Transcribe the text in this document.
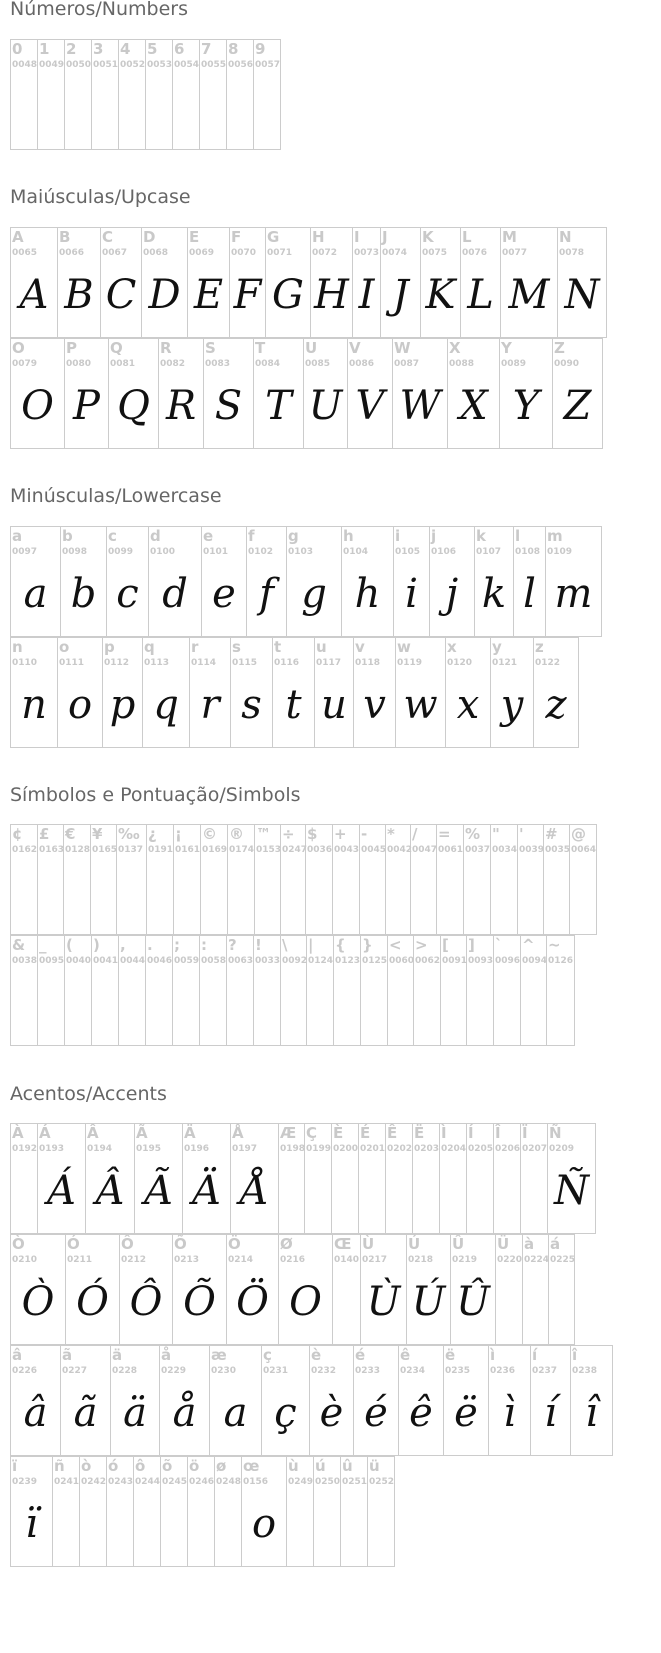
Números/Numbers
0
0048
1
0049
2
0050
3
0051
4
0052
5
0053
6
0054
7
0055
8
0056
9
0057
Maiúsculas/Upcase
A
0065
A
B
0066
B
C
0067
C
D
0068
D
E
0069
E
F
0070
F
G
0071
G
H
0072
H
I
0073
I
J
0074
J
K
0075
K
L
0076
L
M
0077
M
N
0078
N
O
0079
O
P
0080
P
Q
0081
Q
R
0082
R
S
0083
S
T
0084
T
U
0085
U
V
0086
V
W
0087
W
X
0088
X
Y
0089
Y
Z
0090
Z
Minúsculas/Lowercase
a
0097
a
b
0098
b
c
0099
c
d
0100
d
e
0101
e
f
0102
f
g
0103
g
h
0104
h
i
0105
i
j
0106
j
k
0107
k
l
0108
l
m
0109
m
n
0110
n
o
0111
o
p
0112
p
q
0113
q
r
0114
r
s
0115
s
t
0116
t
u
0117
u
v
0118
v
w
0119
w
x
0120
x
y
0121
y
z
0122
z
Símbolos e Pontuação/Simbols
¢
0162
£
0163
€
0128
¥
0165
‰
0137
¿
0191
¡
0161
©
0169
®
0174
™
0153
÷
0247
$
0036
+
0043
-
0045
*
0042
/
0047
=
0061
%
0037
"
0034
'
0039
#
0035
@
0064
&
0038
_
0095
(
0040
)
0041
,
0044
.
0046
;
0059
:
0058
?
0063
!
0033
\
0092
|
0124
{
0123
}
0125
<
0060
>
0062
[
0091
]
0093
`
0096
^
0094
~
0126
Acentos/Accents
À
0192
Á
0193
Á
Â
0194
Â
Ã
0195
Ã
Ä
0196
Ä
Å
0197
Å
Æ
0198
Ç
0199
È
0200
É
0201
Ê
0202
Ë
0203
Ì
0204
Í
0205
Î
0206
Ï
0207
Ñ
0209
Ñ
Ò
0210
Ò
Ó
0211
Ó
Ô
0212
Ô
Õ
0213
Õ
Ö
0214
Ö
Ø
0216
O
Œ
0140
Ù
0217
Ù
Ú
0218
Ú
Û
0219
Û
Ü
0220
à
0224
á
0225
â
0226
â
ã
0227
ã
ä
0228
ä
å
0229
å
æ
0230
a
ç
0231
ç
è
0232
è
é
0233
é
ê
0234
ê
ë
0235
ë
ì
0236
ì
í
0237
í
î
0238
î
ï
0239
ï
ñ
0241
ò
0242
ó
0243
ô
0244
õ
0245
ö
0246
ø
0248
œ
0156
o
ù
0249
ú
0250
û
0251
ü
0252
